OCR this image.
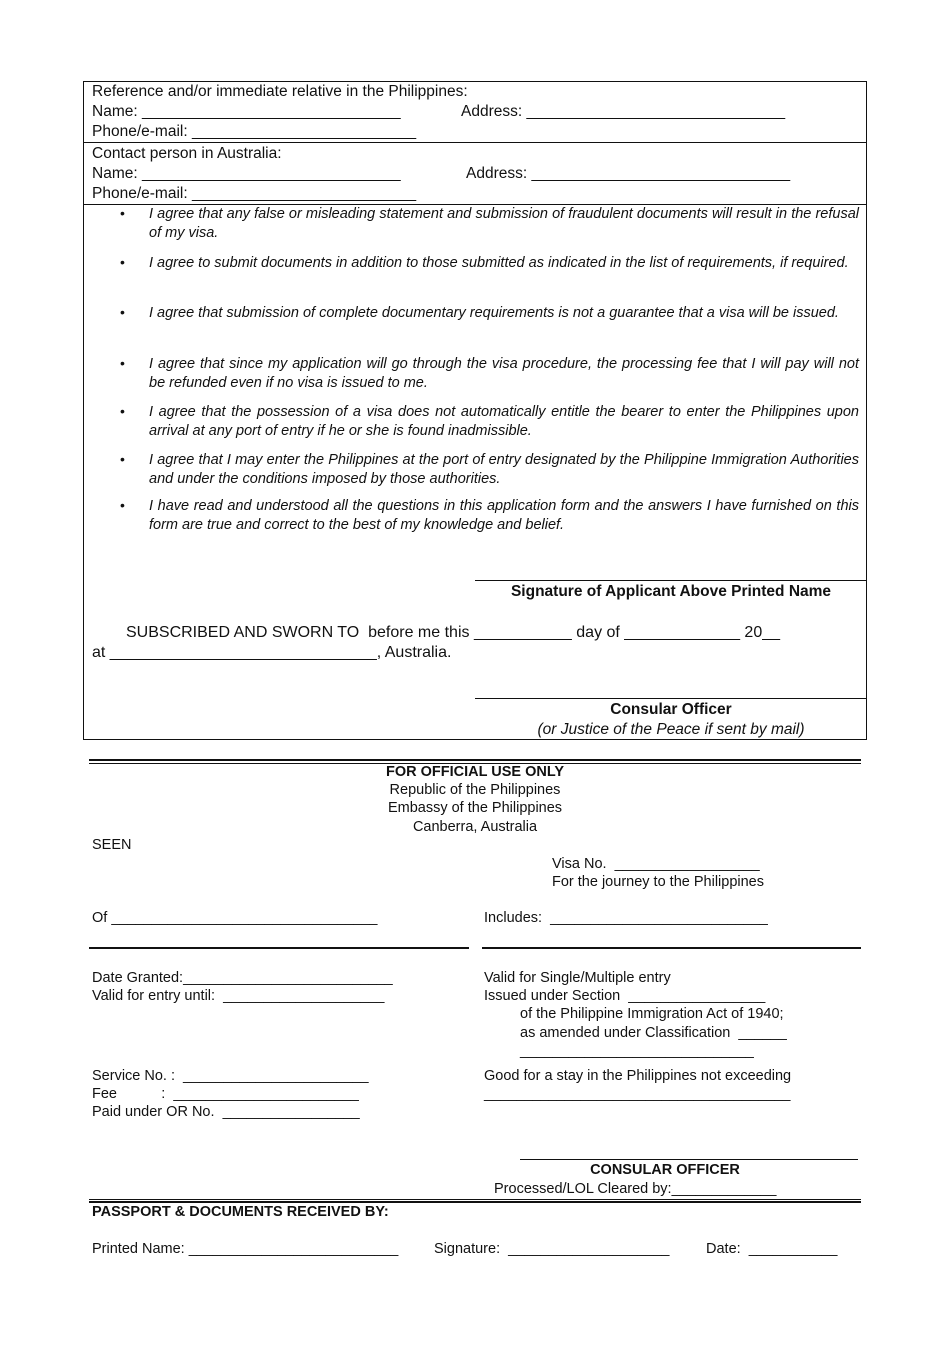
Reference and/or immediate relative in the Philippines:
Name: ______________________________	Address: ______________________________
Phone/e-mail: __________________________
Contact person in Australia:
Name: ______________________________	Address: ______________________________
Phone/e-mail: __________________________
• I agree that any false or misleading statement and submission of fraudulent documents will result in the refusal of my visa.
• I agree to submit documents in addition to those submitted as indicated in the list of requirements, if required.
• I agree that submission of complete documentary requirements is not a guarantee that a visa will be issued.
• I agree that since my application will go through the visa procedure, the processing fee that I will pay will not be refunded even if no visa is issued to me.
• I agree that the possession of a visa does not automatically entitle the bearer to enter the Philippines upon arrival at any port of entry if he or she is found inadmissible.
• I agree that I may enter the Philippines at the port of entry designated by the Philippine Immigration Authorities and under the conditions imposed by those authorities.
• I have read and understood all the questions in this application form and the answers I have furnished on this form are true and correct to the best of my knowledge and belief.
Signature of Applicant Above Printed Name
SUBSCRIBED AND SWORN TO  before me this ___________ day of _____________ 20__
at ______________________________, Australia.
Consular Officer
(or Justice of the Peace if sent by mail)
FOR OFFICIAL USE ONLY
Republic of the Philippines
Embassy of the Philippines
Canberra, Australia
SEEN
Visa No.  __________________
For the journey to the Philippines
Of _________________________________	Includes:  ___________________________
Date Granted:__________________________
Valid for entry until:  ____________________
Valid for Single/Multiple entry
Issued under Section  _________________
of the Philippine Immigration Act of 1940;
as amended under Classification  ______
_____________________________
Service No. :  _______________________
Fee           :  _______________________
Paid under OR No.  _________________
Good for a stay in the Philippines not exceeding
______________________________________
CONSULAR OFFICER
Processed/LOL Cleared by:_____________
PASSPORT & DOCUMENTS RECEIVED BY:
Printed Name: __________________________ Signature:  ____________________	Date:  ___________
